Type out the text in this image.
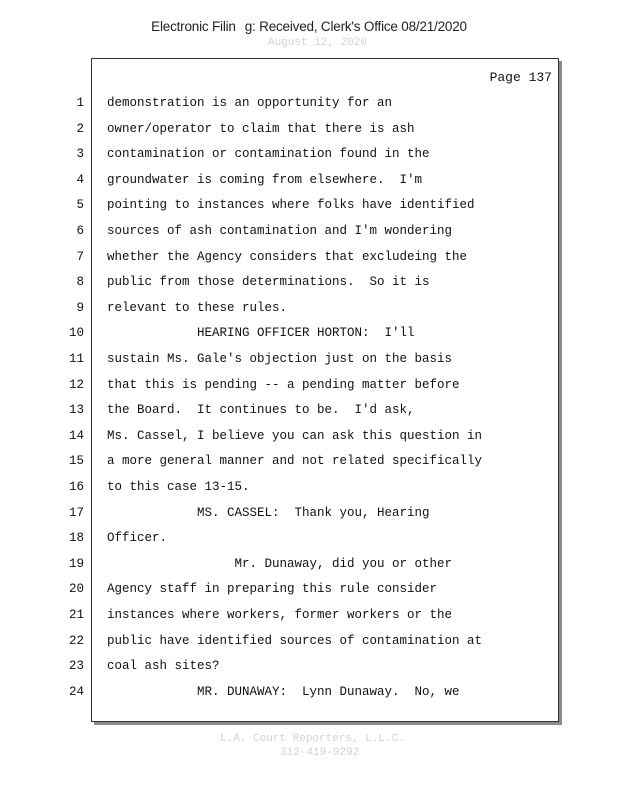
Electronic Filin g: Received, Clerk's Office 08/21/2020
August 12, 2020
Page 137
1 demonstration is an opportunity for an
2 owner/operator to claim that there is ash
3 contamination or contamination found in the
4 groundwater is coming from elsewhere.  I'm
5 pointing to instances where folks have identified
6 sources of ash contamination and I'm wondering
7 whether the Agency considers that excludeing the
8 public from those determinations.  So it is
9 relevant to these rules.
10 HEARING OFFICER HORTON:  I'll
11 sustain Ms. Gale's objection just on the basis
12 that this is pending -- a pending matter before
13 the Board.  It continues to be.  I'd ask,
14 Ms. Cassel, I believe you can ask this question in
15 a more general manner and not related specifically
16 to this case 13-15.
17 MS. CASSEL:  Thank you, Hearing
18 Officer.
19 Mr. Dunaway, did you or other
20 Agency staff in preparing this rule consider
21 instances where workers, former workers or the
22 public have identified sources of contamination at
23 coal ash sites?
24 MR. DUNAWAY:  Lynn Dunaway.  No, we
L.A. Court Reporters, L.L.C.
312-419-9292
